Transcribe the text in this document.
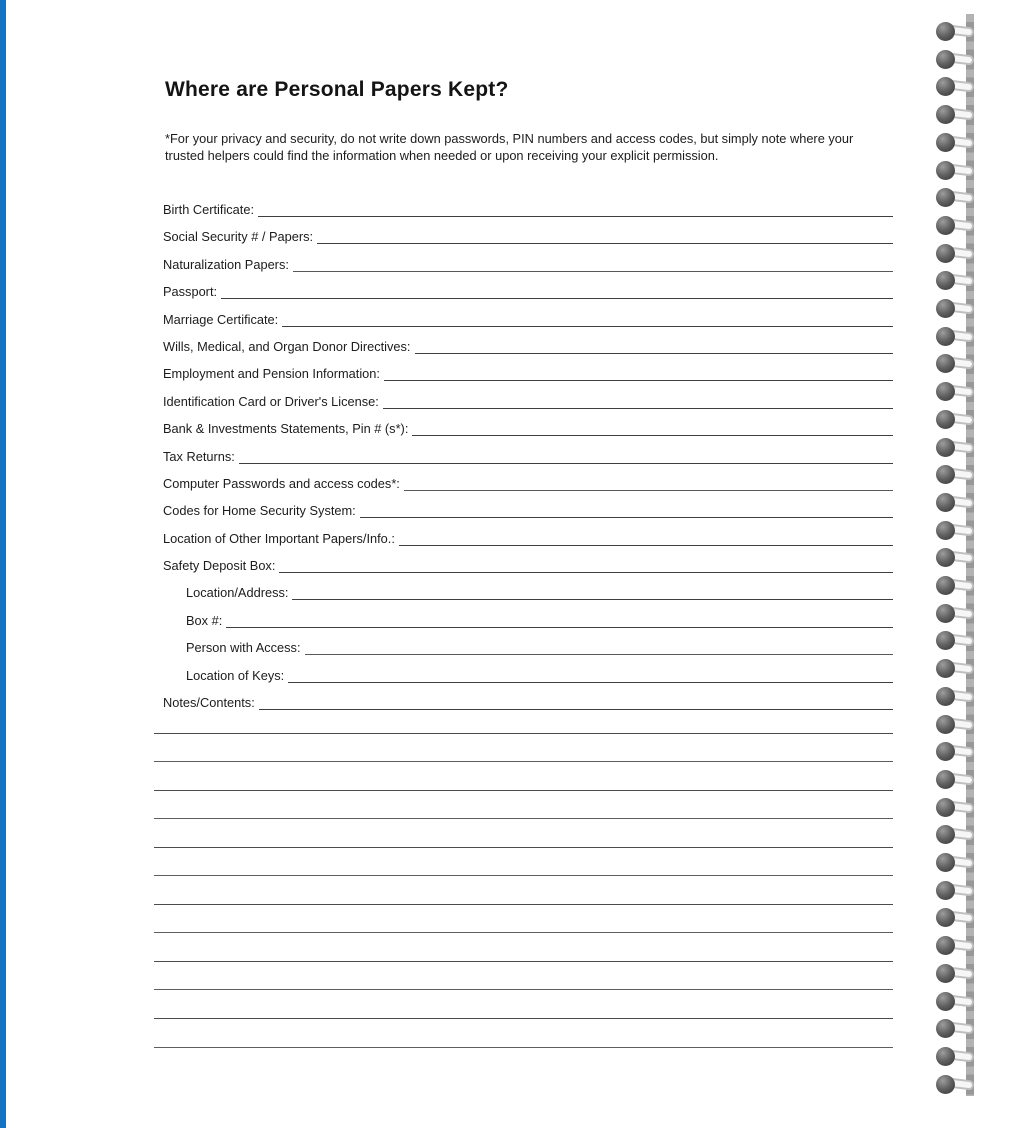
Where are Personal Papers Kept?

*For your privacy and security, do not write down passwords, PIN numbers and access codes, but simply note where your trusted helpers could find the information when needed or upon receiving your explicit permission.

Birth Certificate:
Social Security # / Papers:
Naturalization Papers:
Passport:
Marriage Certificate:
Wills, Medical, and Organ Donor Directives:
Employment and Pension Information:
Identification Card or Driver's License:
Bank & Investments Statements, Pin # (s*):
Tax Returns:
Computer Passwords and access codes*:
Codes for Home Security System:
Location of Other Important Papers/Info.:
Safety Deposit Box:
Location/Address:
Box #:
Person with Access:
Location of Keys:
Notes/Contents:
